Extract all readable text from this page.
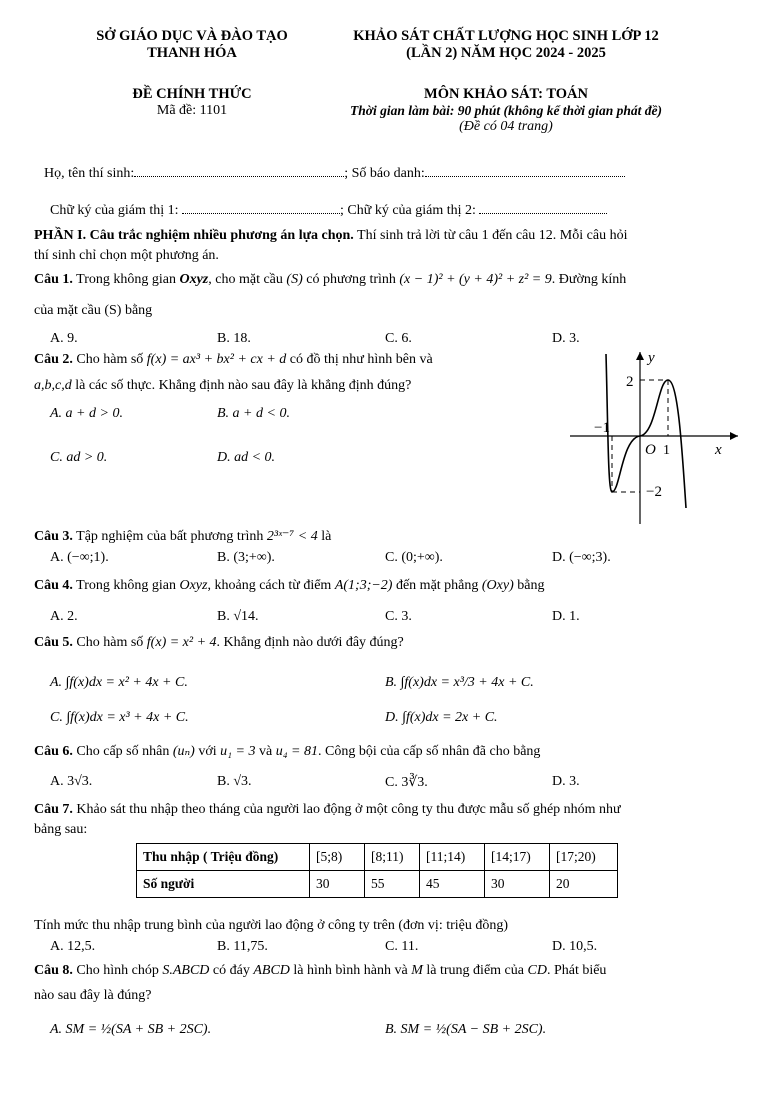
SỞ GIÁO DỤC VÀ ĐÀO TẠO
THANH HÓA
KHẢO SÁT CHẤT LƯỢNG HỌC SINH LỚP 12
(LẦN 2) NĂM HỌC 2024 - 2025
ĐỀ CHÍNH THỨC
Mã đề: 1101
MÔN KHẢO SÁT: TOÁN
Thời gian làm bài: 90 phút (không kể thời gian phát đề)
(Đề có 04 trang)
Họ, tên thí sinh:	; Số báo danh:
Chữ ký của giám thị 1:	; Chữ ký của giám thị 2:
PHẦN I. Câu trắc nghiệm nhiều phương án lựa chọn. Thí sinh trả lời từ câu 1 đến câu 12. Mỗi câu hỏi
thí sinh chỉ chọn một phương án.
Câu 1. Trong không gian Oxyz, cho mặt cầu (S) có phương trình (x − 1)² + (y + 4)² + z² = 9. Đường kính
của mặt cầu (S) bằng
A. 9.	B. 18.	C. 6.	D. 3.
Câu 2. Cho hàm số f(x) = ax³ + bx² + cx + d có đồ thị như hình bên và
a,b,c,d là các số thực. Khẳng định nào sau đây là khẳng định đúng?
A. a + d > 0.	B. a + d < 0.
C. ad > 0.	D. ad < 0.
y
x
O
2
−1
1
−2
Câu 3. Tập nghiệm của bất phương trình 2³ˣ⁻⁷ < 4 là
A. (−∞;1).	B. (3;+∞).	C. (0;+∞).	D. (−∞;3).
Câu 4. Trong không gian Oxyz, khoảng cách từ điểm A(1;3;−2) đến mặt phẳng (Oxy) bằng
A. 2.	B. √14.	C. 3.	D. 1.
Câu 5. Cho hàm số f(x) = x² + 4. Khẳng định nào dưới đây đúng?
A. ∫f(x)dx = x² + 4x + C.	B. ∫f(x)dx = x³/3 + 4x + C.
C. ∫f(x)dx = x³ + 4x + C.	D. ∫f(x)dx = 2x + C.
Câu 6. Cho cấp số nhân (uₙ) với u₁ = 3 và u₄ = 81. Công bội của cấp số nhân đã cho bằng
A. 3√3.	B. √3.	C. 3∛3.	D. 3.
Câu 7. Khảo sát thu nhập theo tháng của người lao động ở một công ty thu được mẫu số ghép nhóm như
bảng sau:
Thu nhập ( Triệu đồng)	[5;8)	[8;11)	[11;14)	[14;17)	[17;20)
Số người	30	55	45	30	20
Tính mức thu nhập trung bình của người lao động ở công ty trên (đơn vị: triệu đồng)
A. 12,5.	B. 11,75.	C. 11.	D. 10,5.
Câu 8. Cho hình chóp S.ABCD có đáy ABCD là hình bình hành và M là trung điểm của CD. Phát biểu
nào sau đây là đúng?
A. SM = ½(SA + SB + 2SC).	B. SM = ½(SA − SB + 2SC).
